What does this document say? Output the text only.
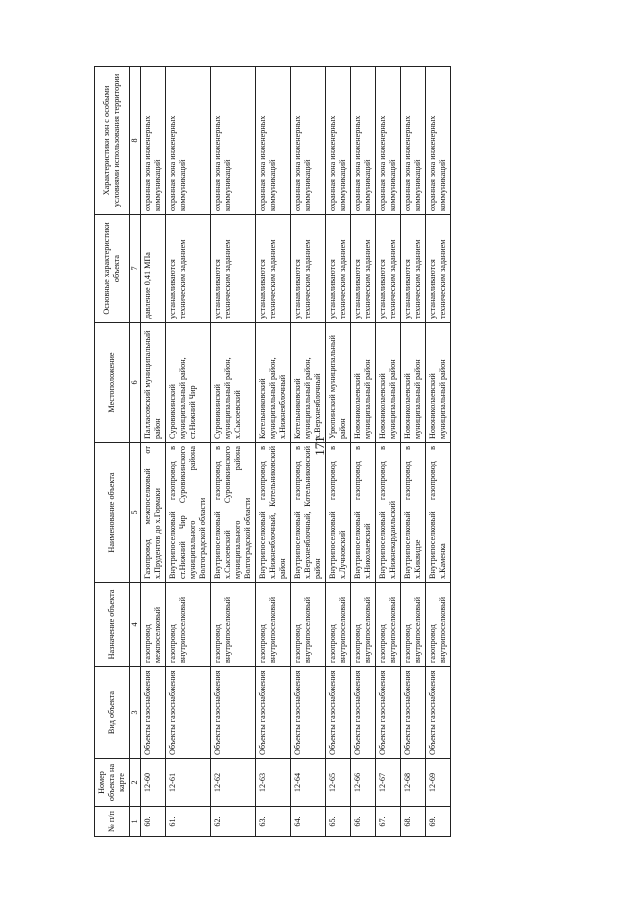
171
№ п/п	Номер объекта на карте	Вид объекта	Назначение объекта	Наименование объекта	Местоположение	Основные характеристики объекта	Характеристики зон с особыми условиями использования территории
1	2	3	4	5	6	7	8
60.	12-60	Объекты газоснабжения	газопровод межпоселковый	Газопровод межпоселковый от х.Прудентов до х.Гормаки	Палласовский муниципальный район	давление 0,41 МПа	охранная зона инженерных коммуникаций
61.	12-61	Объекты газоснабжения	газопровод внутрипоселковый	Внутрипоселковый газопровод в ст.Нижний Чир Суровикинского муниципального района Волгоградской области	Суровикинский муниципальный район, ст.Нижний Чир	устанавливаются техническим заданием	охранная зона инженерных коммуникаций
62.	12-62	Объекты газоснабжения	газопровод внутрипоселковый	Внутрипоселковый газопровод в х.Сысоевский Суровикинского муниципального района Волгоградской области	Суровикинский муниципальный район, х.Сысоевский	устанавливаются техническим заданием	охранная зона инженерных коммуникаций
63.	12-63	Объекты газоснабжения	газопровод внутрипоселковый	Внутрипоселковый газопровод в х.Нижнеяблочный, Котельниковский район	Котельниковский муниципальный район, х.Нижнеяблочный	устанавливаются техническим заданием	охранная зона инженерных коммуникаций
64.	12-64	Объекты газоснабжения	газопровод внутрипоселковый	Внутрипоселковый газопровод в х.Верхнеяблочный, Котельниковский район	Котельниковский муниципальный район, х.Верхнеяблочный	устанавливаются техническим заданием	охранная зона инженерных коммуникаций
65.	12-65	Объекты газоснабжения	газопровод внутрипоселковый	Внутрипоселковый газопровод в х.Лучновский	Урюпинский муниципальный район	устанавливаются техническим заданием	охранная зона инженерных коммуникаций
66.	12-66	Объекты газоснабжения	газопровод внутрипоселковый	Внутрипоселковый газопровод в х.Николаевский	Новониколаевский муниципальный район	устанавливаются техническим заданием	охранная зона инженерных коммуникаций
67.	12-67	Объекты газоснабжения	газопровод внутрипоселковый	Внутрипоселковый газопровод в х.Нижнекардаильский	Новониколаевский муниципальный район	устанавливаются техническим заданием	охранная зона инженерных коммуникаций
68.	12-68	Объекты газоснабжения	газопровод внутрипоселковый	Внутрипоселковый газопровод в х.Киквидзе	Новониколаевский муниципальный район	устанавливаются техническим заданием	охранная зона инженерных коммуникаций
69.	12-69	Объекты газоснабжения	газопровод внутрипоселковый	Внутрипоселковый газопровод в х.Каменка	Новониколаевский муниципальный район	устанавливаются техническим заданием	охранная зона инженерных коммуникаций
